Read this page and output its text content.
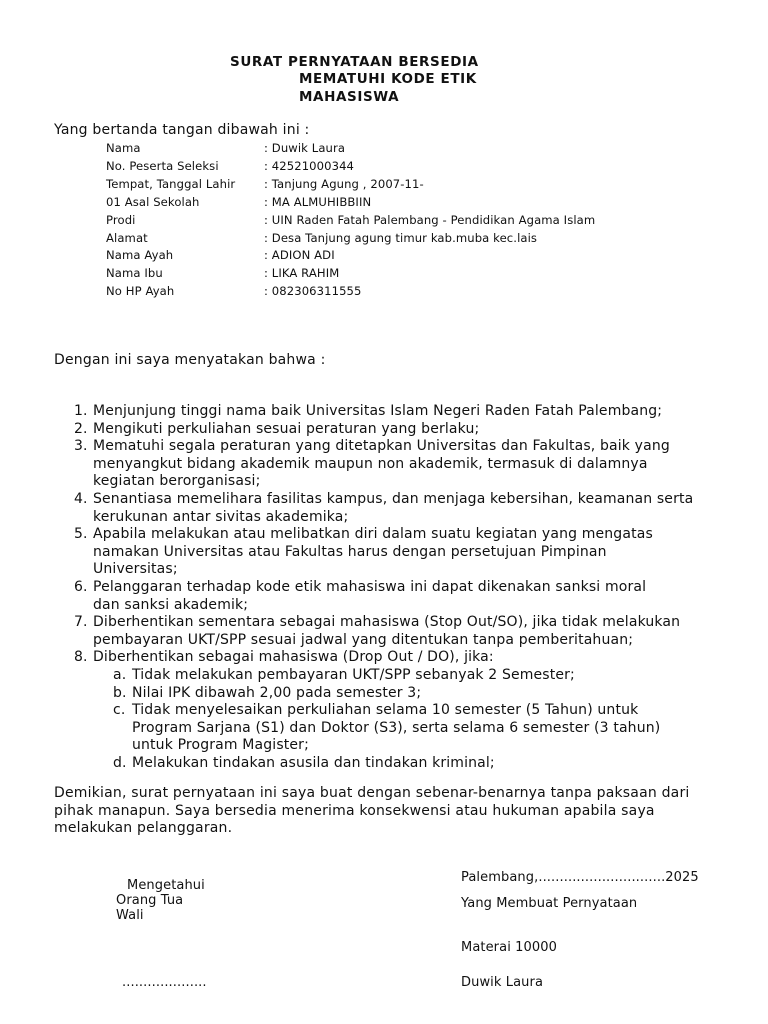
SURAT PERNYATAAN BERSEDIA
MEMATUHI KODE ETIK
MAHASISWA
Yang bertanda tangan dibawah ini :
Nama	: Duwik Laura
No. Peserta Seleksi	: 42521000344
Tempat, Tanggal Lahir : Tanjung Agung , 2007-11-
01 Asal Sekolah	: MA ALMUHIBBIIN
Prodi	: UIN Raden Fatah Palembang - Pendidikan Agama Islam
Alamat	: Desa Tanjung agung timur kab.muba kec.lais
Nama Ayah	: ADION ADI
Nama Ibu	: LIKA RAHIM
No HP Ayah	: 082306311555
Dengan ini saya menyatakan bahwa :
1. Menjunjung tinggi nama baik Universitas Islam Negeri Raden Fatah Palembang;
2. Mengikuti perkuliahan sesuai peraturan yang berlaku;
3. Mematuhi segala peraturan yang ditetapkan Universitas dan Fakultas, baik yang
menyangkut bidang akademik maupun non akademik, termasuk di dalamnya
kegiatan berorganisasi;
4. Senantiasa memelihara fasilitas kampus, dan menjaga kebersihan, keamanan serta
kerukunan antar sivitas akademika;
5. Apabila melakukan atau melibatkan diri dalam suatu kegiatan yang mengatas
namakan Universitas atau Fakultas harus dengan persetujuan Pimpinan
Universitas;
6. Pelanggaran terhadap kode etik mahasiswa ini dapat dikenakan sanksi moral
dan sanksi akademik;
7. Diberhentikan sementara sebagai mahasiswa (Stop Out/SO), jika tidak melakukan
pembayaran UKT/SPP sesuai jadwal yang ditentukan tanpa pemberitahuan;
8. Diberhentikan sebagai mahasiswa (Drop Out / DO), jika:
a. Tidak melakukan pembayaran UKT/SPP sebanyak 2 Semester;
b. Nilai IPK dibawah 2,00 pada semester 3;
c. Tidak menyelesaikan perkuliahan selama 10 semester (5 Tahun) untuk
Program Sarjana (S1) dan Doktor (S3), serta selama 6 semester (3 tahun)
untuk Program Magister;
d. Melakukan tindakan asusila dan tindakan kriminal;
Demikian, surat pernyataan ini saya buat dengan sebenar-benarnya tanpa paksaan dari
pihak manapun. Saya bersedia menerima konsekwensi atau hukuman apabila saya
melakukan pelanggaran.
Mengetahui
Orang Tua
Wali
....................
Palembang,..............................2025
Yang Membuat Pernyataan
Materai 10000
Duwik Laura
